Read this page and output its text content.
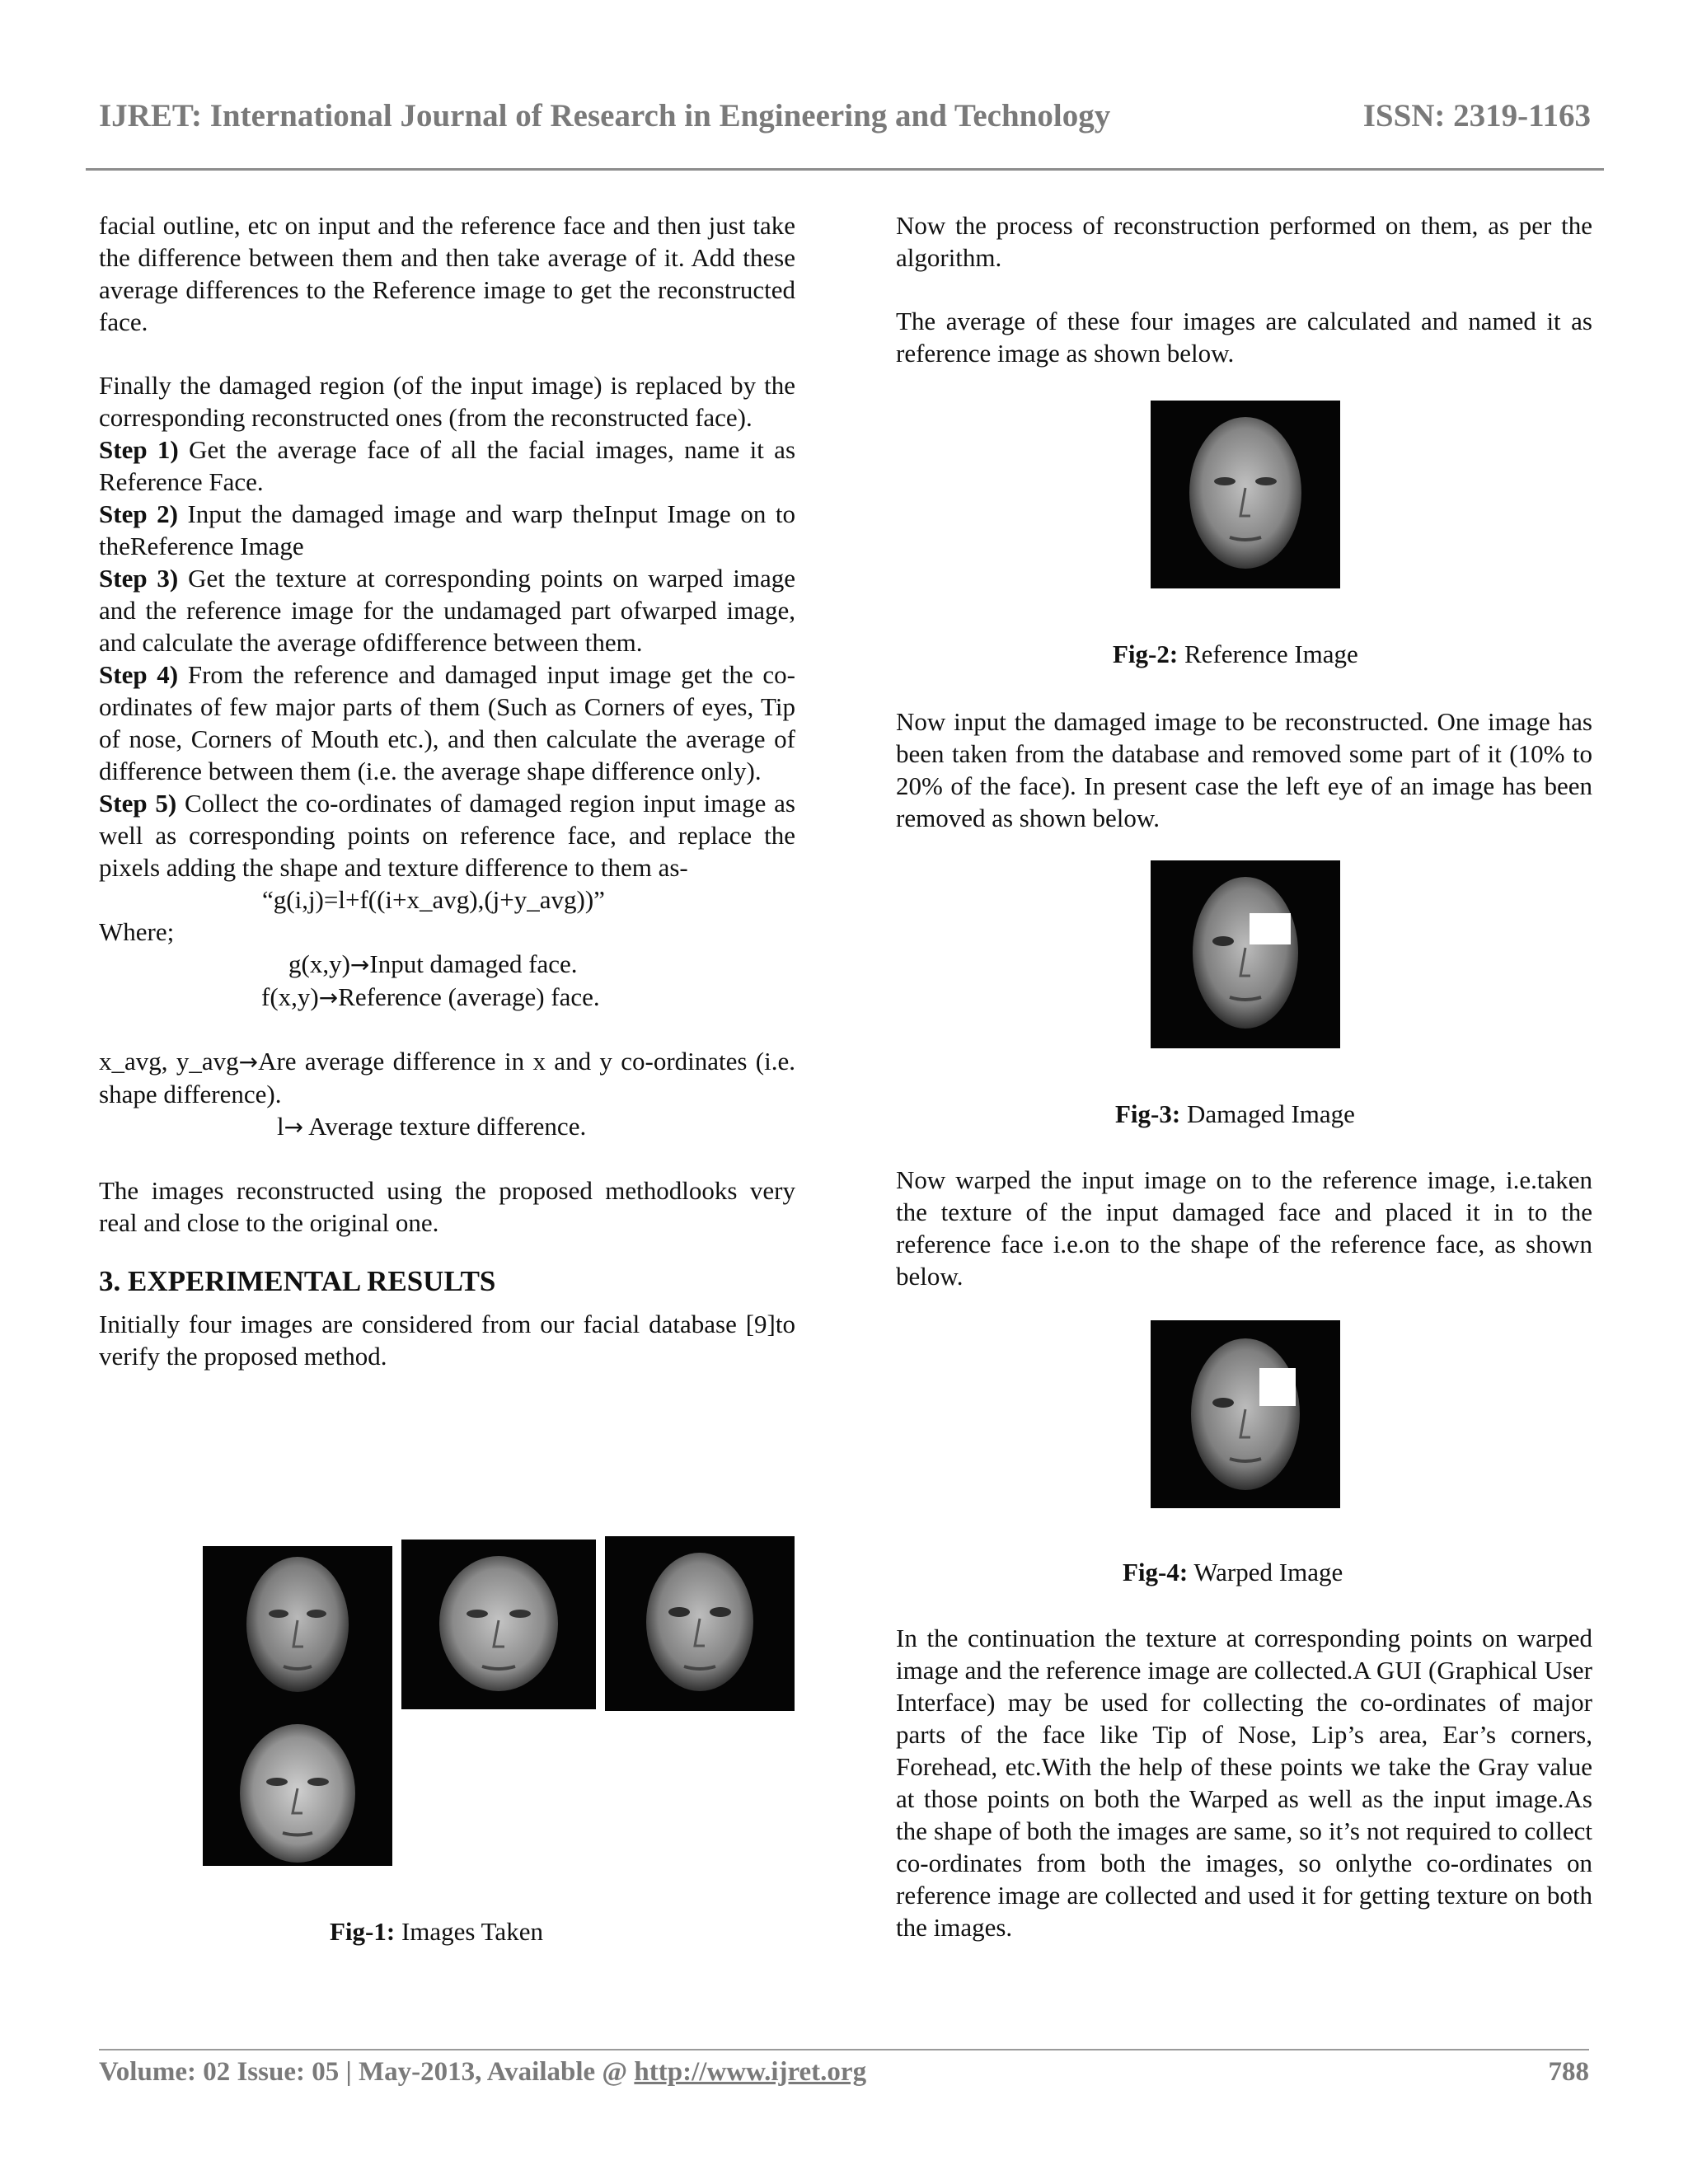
IJRET: International Journal of Research in Engineering and Technology	ISSN: 2319-1163

facial outline, etc on input and the reference face and then just take the difference between them and then take average of it. Add these average differences to the Reference image to get the reconstructed face.

Finally the damaged region (of the input image) is replaced by the corresponding reconstructed ones (from the reconstructed face).

Step 1) Get the average face of all the facial images, name it as Reference Face.

Step 2) Input the damaged image and warp theInput Image on to theReference Image

Step 3) Get the texture at corresponding points on warped image and the reference image for the undamaged part ofwarped image, and calculate the average ofdifference between them.

Step 4) From the reference and damaged input image get the co-ordinates of few major parts of them (Such as Corners of eyes, Tip of nose, Corners of Mouth etc.), and then calculate the average of difference between them (i.e. the average shape difference only).

Step 5) Collect the co-ordinates of damaged region input image as well as corresponding points on reference face, and replace the pixels adding the shape and texture difference to them as-

“g(i,j)=l+f((i+x_avg),(j+y_avg))”

Where;

g(x,y)→Input damaged face.

f(x,y)→Reference (average) face.

x_avg, y_avg→Are average difference in x and y co-ordinates (i.e. shape difference).

l→ Average texture difference.

The images reconstructed using the proposed methodlooks very real and close to the original one.

3. EXPERIMENTAL RESULTS

Initially four images are considered from our facial database [9]to verify the proposed method.

Now the process of reconstruction performed on them, as per the algorithm.

The average of these four images are calculated and named it as reference image as shown below.

Now input the damaged image to be reconstructed. One image has been taken from the database and removed some part of it (10% to 20% of the face). In present case the left eye of an image has been removed as shown below.

Now warped the input image on to the reference image, i.e.taken the texture of the input damaged face and placed it in to the reference face i.e.on to the shape of the reference face, as shown below.

In the continuation the texture at corresponding points on warped image and the reference image are collected.A GUI (Graphical User Interface) may be used for collecting the co-ordinates of major parts of the face like Tip of Nose, Lip’s area, Ear’s corners, Forehead, etc.With the help of these points we take the Gray value at those points on both the Warped as well as the input image.As the shape of both the images are same, so it’s not required to collect co-ordinates from both the images, so onlythe co-ordinates on reference image are collected and used it for getting texture on both the images.

Fig-1: Images Taken
Fig-2: Reference Image
Fig-3: Damaged Image
Fig-4: Warped Image
Volume: 02 Issue: 05 | May-2013, Available @ http://www.ijret.org	788
